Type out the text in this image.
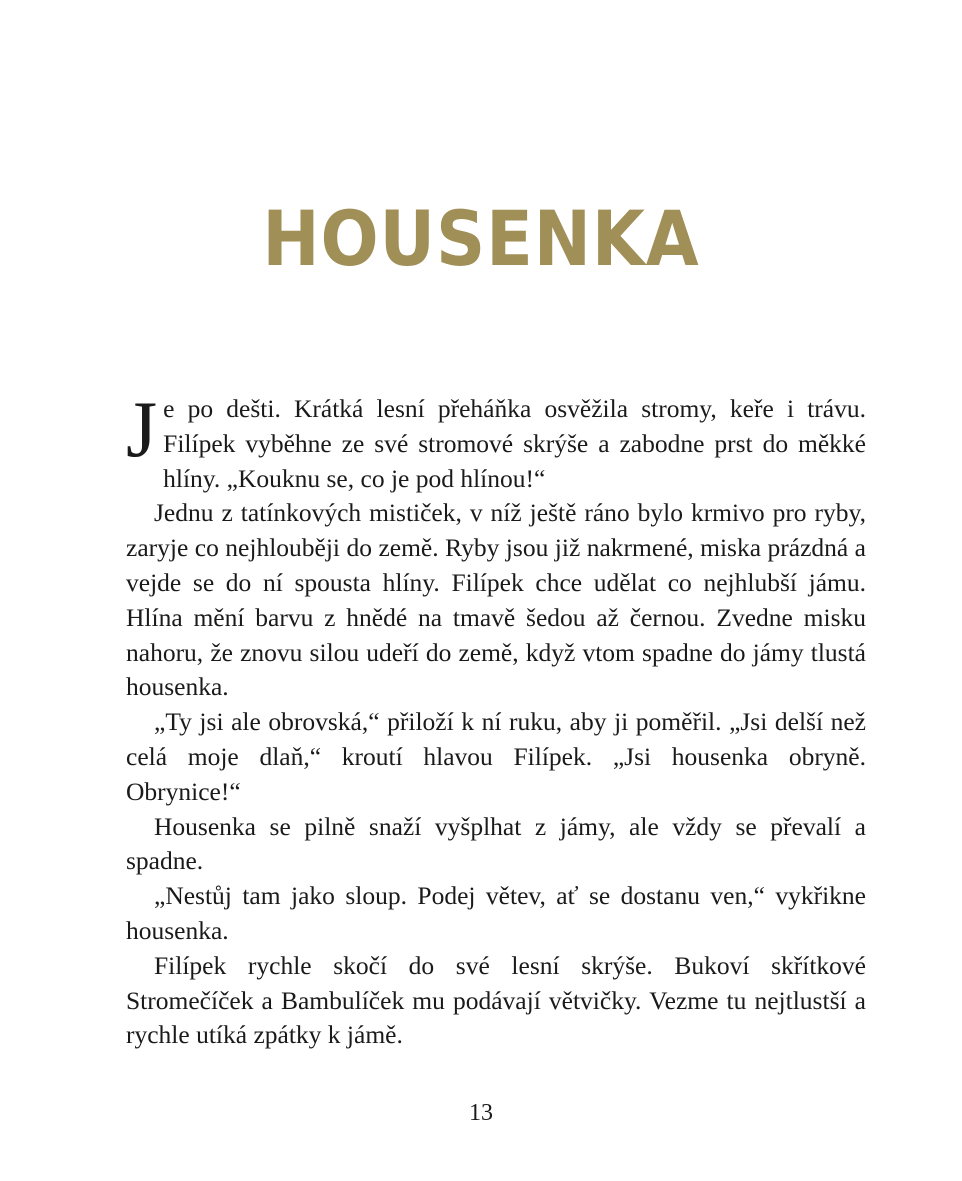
HOUSENKA

J e po dešti. Krátká lesní přeháňka osvěžila stromy, keře i trávu. Filípek vyběhne ze své stromové skrýše a zabodne prst do měkké hlíny. „Kouknu se, co je pod hlínou!“

Jednu z tatínkových mističek, v níž ještě ráno bylo krmivo pro ryby, zaryje co nejhlouběji do země. Ryby jsou již nakrmené, miska prázdná a vejde se do ní spousta hlíny. Filípek chce udělat co nejhlubší jámu. Hlína mění barvu z hnědé na tmavě šedou až černou. Zvedne misku nahoru, že znovu silou udeří do země, když vtom spadne do jámy tlustá housenka.

„Ty jsi ale obrovská,“ přiloží k ní ruku, aby ji poměřil. „Jsi delší než celá moje dlaň,“ kroutí hlavou Filípek. „Jsi housenka obryně. Obrynice!“

Housenka se pilně snaží vyšplhat z jámy, ale vždy se převalí a spadne.

„Nestůj tam jako sloup. Podej větev, ať se dostanu ven,“ vykřikne housenka.

Filípek rychle skočí do své lesní skrýše. Bukoví skřítkové Stromečíček a Bambulíček mu podávají větvičky. Vezme tu nejtlustší a rychle utíká zpátky k jámě.

13
